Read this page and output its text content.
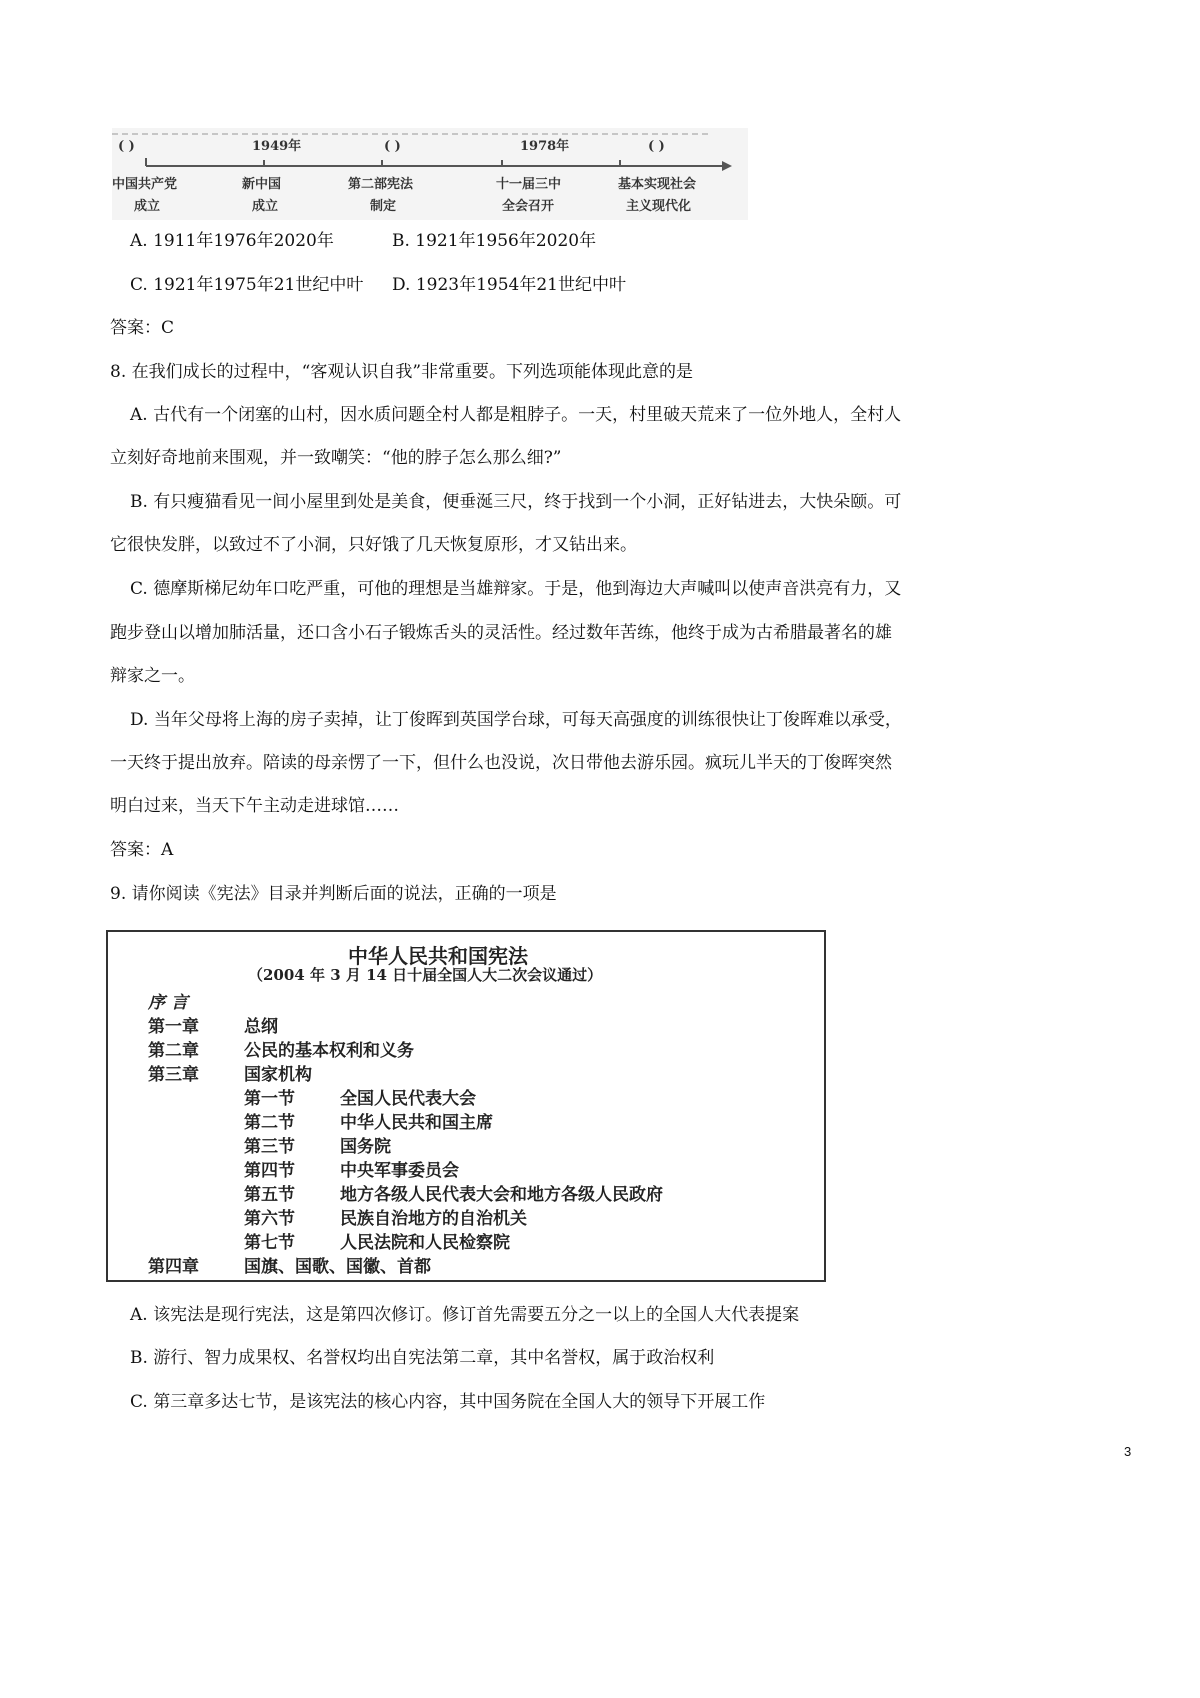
( )	1949年	( )	1978年	( )
中国共产党
成立
新中国
成立
第二部宪法
制定
十一届三中
全会召开
基本实现社会
主义现代化
A. 1911年1976年2020年	B. 1921年1956年2020年
C. 1921年1975年21世纪中叶 D. 1923年1954年21世纪中叶
答案：C
8. 在我们成长的过程中，“客观认识自我”非常重要。下列选项能体现此意的是
A. 古代有一个闭塞的山村，因水质问题全村人都是粗脖子。一天，村里破天荒来了一位外地人，全村人
立刻好奇地前来围观，并一致嘲笑：“他的脖子怎么那么细?”
B. 有只瘦猫看见一间小屋里到处是美食，便垂涎三尺，终于找到一个小洞，正好钻进去，大快朵颐。可
它很快发胖，以致过不了小洞，只好饿了几天恢复原形，才又钻出来。
C. 德摩斯梯尼幼年口吃严重，可他的理想是当雄辩家。于是，他到海边大声喊叫以使声音洪亮有力，又
跑步登山以增加肺活量，还口含小石子锻炼舌头的灵活性。经过数年苦练，他终于成为古希腊最著名的雄
辩家之一。
D. 当年父母将上海的房子卖掉，让丁俊晖到英国学台球，可每天高强度的训练很快让丁俊晖难以承受，
一天终于提出放弃。陪读的母亲愣了一下，但什么也没说，次日带他去游乐园。疯玩儿半天的丁俊晖突然
明白过来，当天下午主动走进球馆……
答案：A
9. 请你阅读《宪法》目录并判断后面的说法，正确的一项是
中华人民共和国宪法
（2004 年 3 月 14 日十届全国人大二次会议通过）
序 言
第一章	总纲
第二章	公民的基本权利和义务
第三章	国家机构
第一节	全国人民代表大会
第二节	中华人民共和国主席
第三节	国务院
第四节	中央军事委员会
第五节	地方各级人民代表大会和地方各级人民政府
第六节	民族自治地方的自治机关
第七节	人民法院和人民检察院
第四章	国旗、国歌、国徽、首都
A. 该宪法是现行宪法，这是第四次修订。修订首先需要五分之一以上的全国人大代表提案
B. 游行、智力成果权、名誉权均出自宪法第二章，其中名誉权，属于政治权利
C. 第三章多达七节，是该宪法的核心内容，其中国务院在全国人大的领导下开展工作
3
